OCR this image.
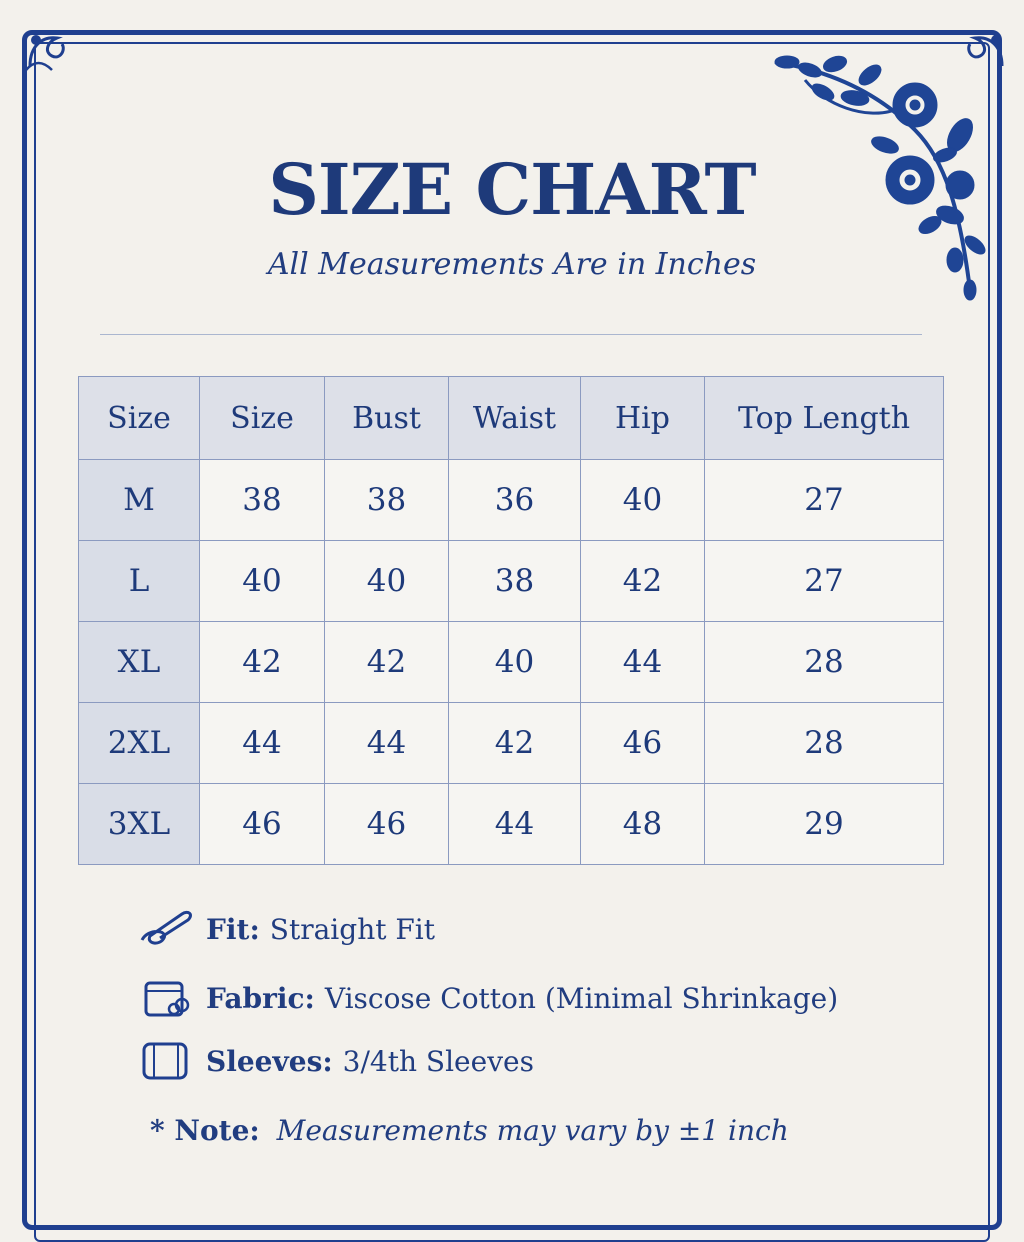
SIZE CHART
All Measurements Are in Inches
Size	Size	Bust	Waist	Hip	Top Length
M	38	38	36	40	27
L	40	40	38	42	27
XL	42	42	40	44	28
2XL	44	44	42	46	28
3XL	46	46	44	48	29
Fit: Straight Fit
Fabric: Viscose Cotton (Minimal Shrinkage)
Sleeves: 3/4th Sleeves
* Note: Measurements may vary by ±1 inch
